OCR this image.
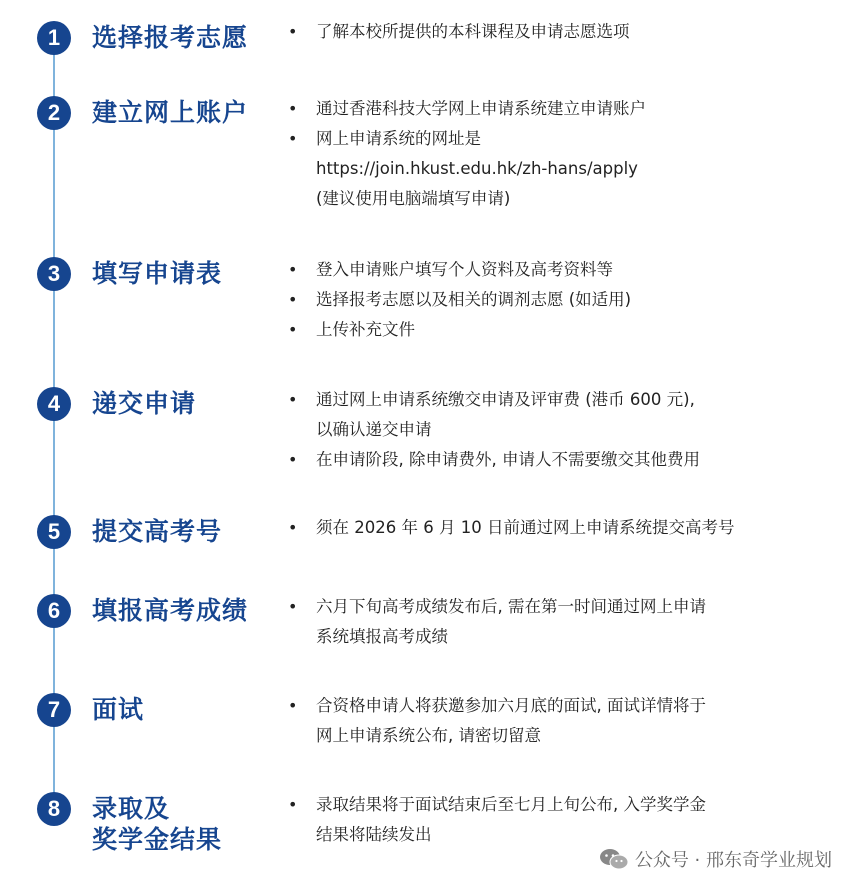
1	选择报考志愿	• 了解本校所提供的本科课程及申请志愿选项
2	建立网上账户	• 通过香港科技大学网上申请系统建立申请账户
• 网上申请系统的网址是
https://join.hkust.edu.hk/zh-hans/apply
(建议使用电脑端填写申请)
3	填写申请表	• 登入申请账户填写个人资料及高考资料等
• 选择报考志愿以及相关的调剂志愿 (如适用)
• 上传补充文件
4	递交申请	• 通过网上申请系统缴交申请及评审费 (港币 600 元),
以确认递交申请
• 在申请阶段, 除申请费外, 申请人不需要缴交其他费用
5	提交高考号	• 须在 2026 年 6 月 10 日前通过网上申请系统提交高考号
6	填报高考成绩	• 六月下旬高考成绩发布后, 需在第一时间通过网上申请
系统填报高考成绩
7	面试	• 合资格申请人将获邀参加六月底的面试, 面试详情将于
网上申请系统公布, 请密切留意
8	录取及
奖学金结果
• 录取结果将于面试结束后至七月上旬公布, 入学奖学金
结果将陆续发出
公众号 · 邢东奇学业规划
